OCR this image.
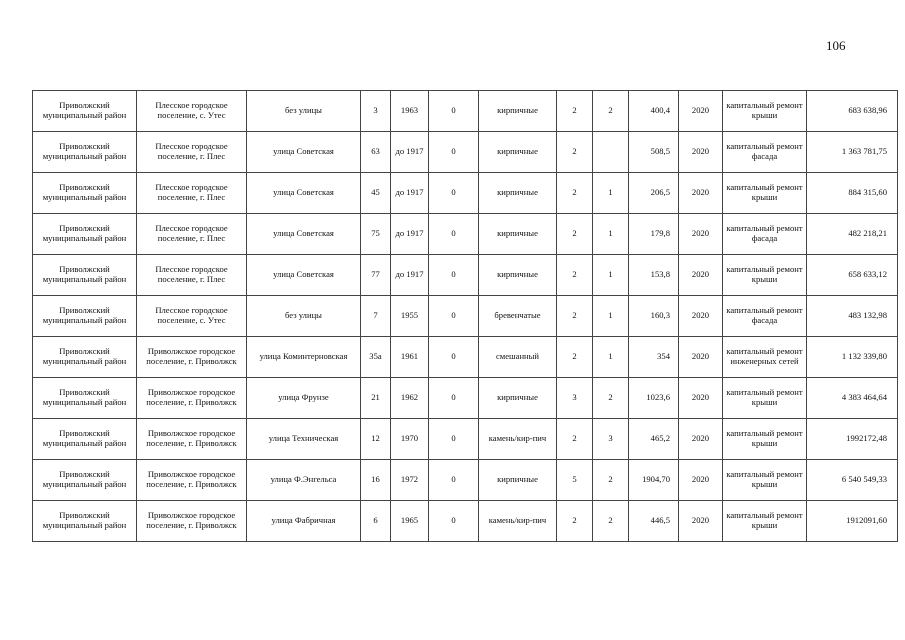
106
Приволжский муниципальный район	Плесское городское поселение, с. Утес	без улицы	3	1963	0	кирпичные	2	2	400,4	2020	капитальный ремонт крыши	683 638,96
Приволжский муниципальный район	Плесское городское поселение, г. Плес	улица Советская	63	до 1917	0	кирпичные	2		508,5	2020	капитальный ремонт фасада	1 363 781,75
Приволжский муниципальный район	Плесское городское поселение, г. Плес	улица Советская	45	до 1917	0	кирпичные	2	1	206,5	2020	капитальный ремонт крыши	884 315,60
Приволжский муниципальный район	Плесское городское поселение, г. Плес	улица Советская	75	до 1917	0	кирпичные	2	1	179,8	2020	капитальный ремонт фасада	482 218,21
Приволжский муниципальный район	Плесское городское поселение, г. Плес	улица Советская	77	до 1917	0	кирпичные	2	1	153,8	2020	капитальный ремонт крыши	658 633,12
Приволжский муниципальный район	Плесское городское поселение, с. Утес	без улицы	7	1955	0	бревенчатые	2	1	160,3	2020	капитальный ремонт фасада	483 132,98
Приволжский муниципальный район	Приволжское городское поселение, г. Приволжск	улица Коминтерновская	35а	1961	0	смешанный	2	1	354	2020	капитальный ремонт инженерных сетей	1 132 339,80
Приволжский муниципальный район	Приволжское городское поселение, г. Приволжск	улица Фрунзе	21	1962	0	кирпичные	3	2	1023,6	2020	капитальный ремонт крыши	4 383 464,64
Приволжский муниципальный район	Приволжское городское поселение, г. Приволжск	улица Техническая	12	1970	0	камень/кир-пич	2	3	465,2	2020	капитальный ремонт крыши	1992172,48
Приволжский муниципальный район	Приволжское городское поселение, г. Приволжск	улица Ф.Энгельса	16	1972	0	кирпичные	5	2	1904,70	2020	капитальный ремонт крыши	6 540 549,33
Приволжский муниципальный район	Приволжское городское поселение, г. Приволжск	улица Фабричная	6	1965	0	камень/кир-пич	2	2	446,5	2020	капитальный ремонт крыши	1912091,60
